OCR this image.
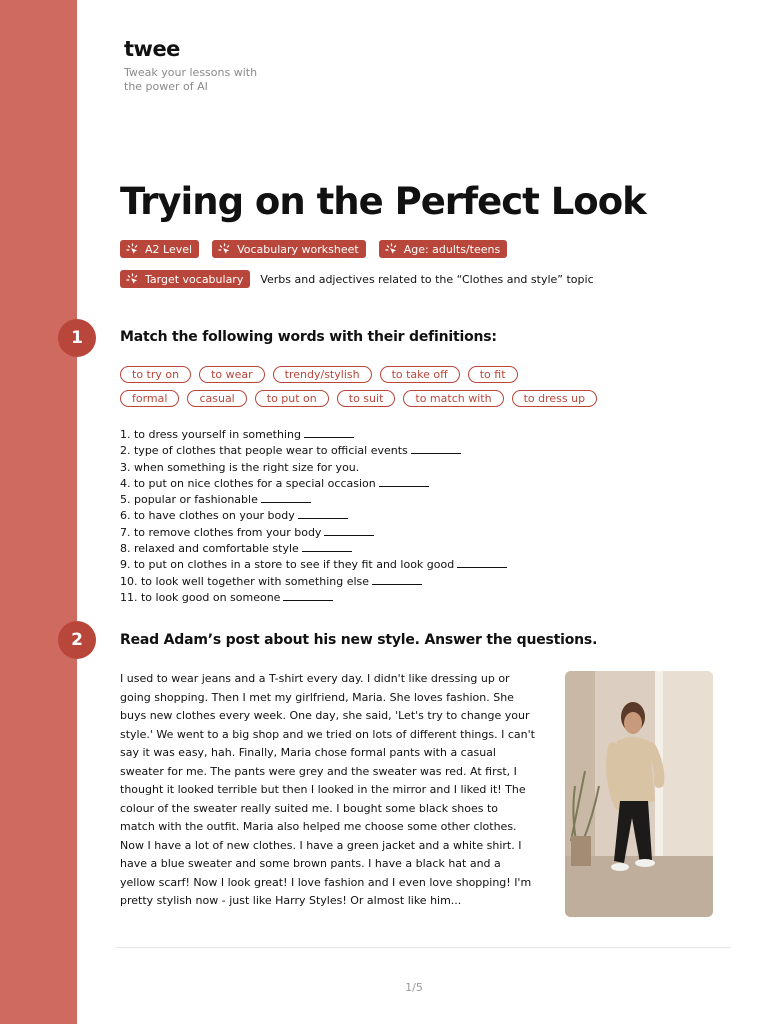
twee
Tweak your lessons with the power of AI
Trying on the Perfect Look
A2 Level	Vocabulary worksheet	Age: adults/teens
Target vocabulary Verbs and adjectives related to the “Clothes and style” topic
1	Match the following words with their definitions:
to try on	to wear	trendy/stylish	to take off	to fit
formal	casual	to put on	to suit	to match with	to dress up
1. to dress yourself in something
2. type of clothes that people wear to official events
3. when something is the right size for you.
4. to put on nice clothes for a special occasion
5. popular or fashionable
6. to have clothes on your body
7. to remove clothes from your body
8. relaxed and comfortable style
9. to put on clothes in a store to see if they fit and look good
10. to look well together with something else
11. to look good on someone
2	Read Adam’s post about his new style. Answer the questions.

I used to wear jeans and a T-shirt every day. I didn't like dressing up or going shopping. Then I met my girlfriend, Maria. She loves fashion. She buys new clothes every week. One day, she said, 'Let's try to change your style.' We went to a big shop and we tried on lots of different things. I can't say it was easy, hah. Finally, Maria chose formal pants with a casual sweater for me. The pants were grey and the sweater was red. At first, I thought it looked terrible but then I looked in the mirror and I liked it! The colour of the sweater really suited me. I bought some black shoes to match with the outfit. Maria also helped me choose some other clothes. Now I have a lot of new clothes. I have a green jacket and a white shirt. I have a blue sweater and some brown pants. I have a black hat and a yellow scarf! Now I look great! I love fashion and I even love shopping! I'm pretty stylish now - just like Harry Styles! Or almost like him...

1/5
